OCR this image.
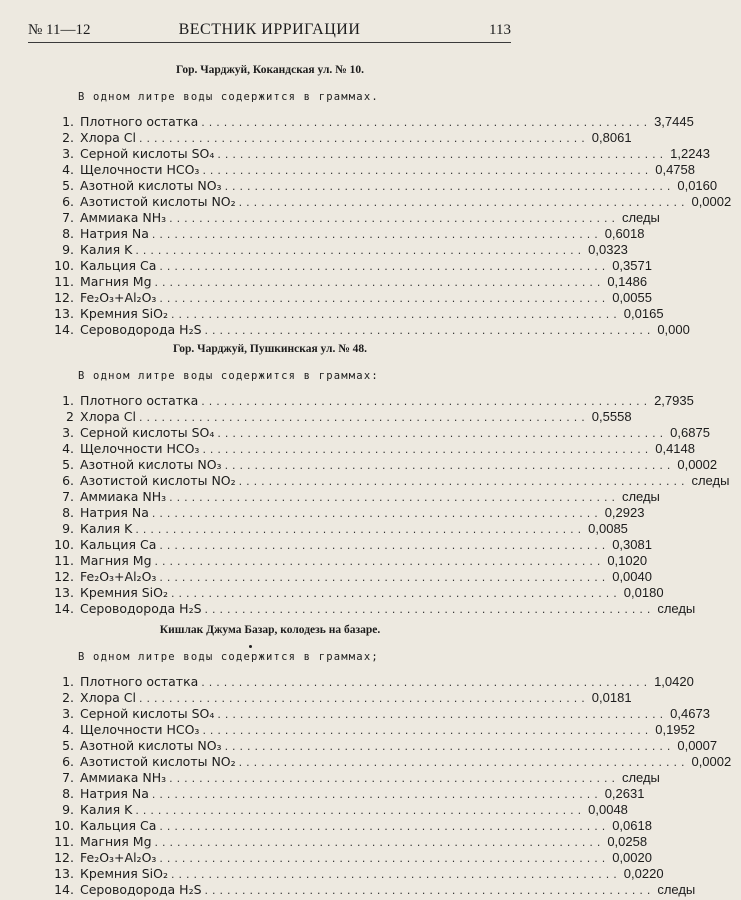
№ 11—12	ВЕСТНИК ИРРИГАЦИИ	113
Гор. Чарджуй, Кокандская ул. № 10.
В одном литре воды содержится в граммах.
1. Плотного остатка ............................................................ 3,7445
2. Хлора Cl ............................................................ 0,8061
3. Серной кислоты SO₄ ............................................................ 1,2243
4. Щелочности HCO₃ ............................................................ 0,4758
5. Азотной кислоты NO₃ ............................................................ 0,0160
6. Азотистой кислоты NO₂ ............................................................ 0,0002
7. Аммиака NH₃ ............................................................ следы
8. Натрия Na ............................................................ 0,6018
9. Калия K ............................................................ 0,0323
10. Кальция Cа ............................................................ 0,3571
11. Магния Mg ............................................................ 0,1486
12. Fe₂O₃+Al₂O₃ ............................................................ 0,0055
13. Кремния SiO₂ ............................................................ 0,0165
14. Сероводорода H₂S ............................................................ 0,000
Гор. Чарджуй, Пушкинская ул. № 48.
В одном литре воды содержится в граммах:
1. Плотного остатка ............................................................ 2,7935
2 Хлора Cl ............................................................ 0,5558
3. Серной кислоты SO₄ ............................................................ 0,6875
4. Щелочности HCO₃ ............................................................ 0,4148
5. Азотной кислоты NO₃ ............................................................ 0,0002
6. Азотистой кислоты NO₂ ............................................................ следы
7. Аммиака NH₃ ............................................................ следы
8. Натрия Na ............................................................ 0,2923
9. Калия K ............................................................ 0,0085
10. Кальция Ca ............................................................ 0,3081
11. Магния Mg ............................................................ 0,1020
12. Fe₂O₃+Al₂O₃ ............................................................ 0,0040
13. Кремния SiO₂ ............................................................ 0,0180
14. Сероводорода H₂S ............................................................ следы
Кишлак Джума Базар, колодезь на базаре.
В одном литре воды содержится в граммах;
1. Плотного остатка ............................................................ 1,0420
2. Хлора Cl ............................................................ 0,0181
3. Серной кислоты SO₄ ............................................................ 0,4673
4. Щелочности HCO₃ ............................................................ 0,1952
5. Азотной кислоты NO₃ ............................................................ 0,0007
6. Азотистой кислоты NO₂ ............................................................ 0,0002
7. Аммиака NH₃ ............................................................ следы
8. Натрия Na ............................................................ 0,2631
9. Калия K ............................................................ 0,0048
10. Кальция Ca ............................................................ 0,0618
11. Магния Mg ............................................................ 0,0258
12. Fe₂O₃+Al₂O₃ ............................................................ 0,0020
13. Кремния SiO₂ ............................................................ 0,0220
14. Сероводорода H₂S ............................................................ следы
